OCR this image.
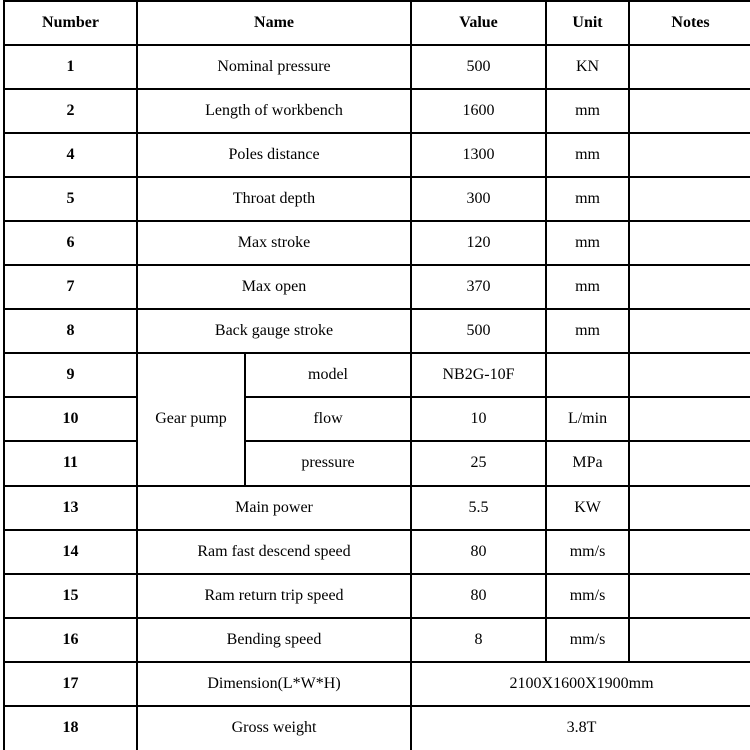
Number	Name		Value	Unit	Notes
1	Nominal pressure		500	KN	
2	Length of workbench		1600	mm	
4	Poles distance		1300	mm	
5	Throat depth		300	mm	
6	Max stroke		120	mm	
7	Max open		370	mm	
8	Back gauge stroke		500	mm	
9	Gear pump	model	NB2G-10F		
10		flow	10	L/min	
11		pressure	25	MPa	
13	Main power		5.5	KW	
14	Ram fast descend speed		80	mm/s	
15	Ram return trip speed		80	mm/s	
16	Bending speed		8	mm/s	
17	Dimension(L*W*H)		2100X1600X1900mm		
18	Gross weight		3.8T		
